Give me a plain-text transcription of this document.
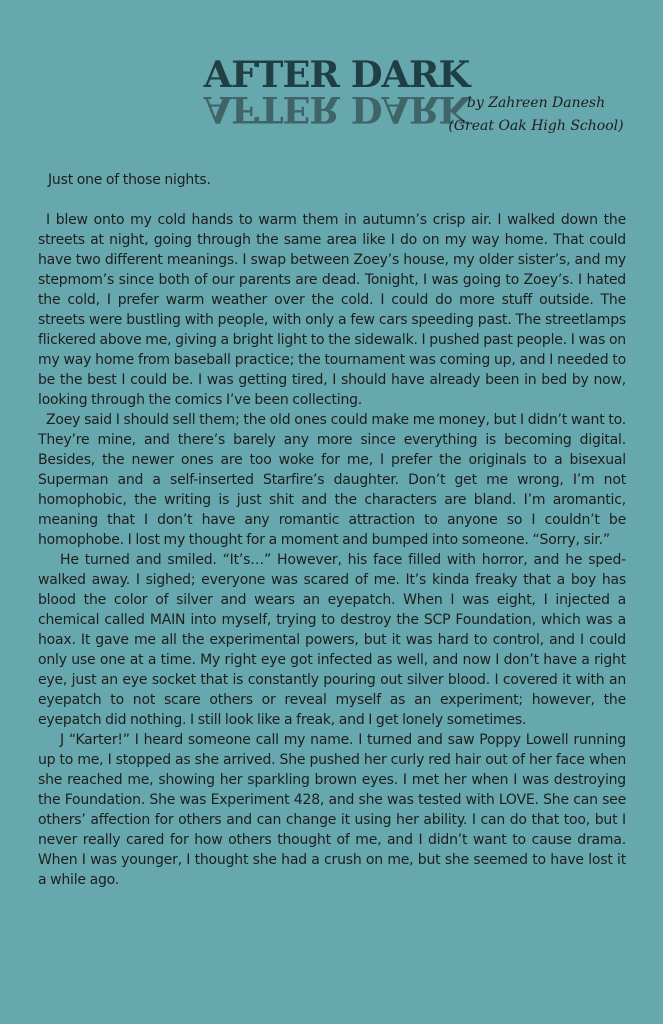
AFTER DARK
AFTER DARK
by Zahreen Danesh
(Great Oak High School)

Just one of those nights.

I blew onto my cold hands to warm them in autumn’s crisp air. I walked down the streets at night, going through the same area like I do on my way home. That could have two different meanings. I swap between Zoey’s house, my older sister’s, and my stepmom’s since both of our parents are dead. Tonight, I was going to Zoey’s. I hated the cold, I prefer warm weather over the cold. I could do more stuff outside. The streets were bustling with people, with only a few cars speeding past. The streetlamps flickered above me, giving a bright light to the sidewalk. I pushed past people. I was on my way home from baseball practice; the tournament was coming up, and I needed to be the best I could be. I was getting tired, I should have already been in bed by now, looking through the comics I’ve been collecting.

Zoey said I should sell them; the old ones could make me money, but I didn’t want to. They’re mine, and there’s barely any more since everything is becoming digital. Besides, the newer ones are too woke for me, I prefer the originals to a bisexual Superman and a self-inserted Starfire’s daughter. Don’t get me wrong, I’m not homophobic, the writing is just shit and the characters are bland. I’m aromantic, meaning that I don’t have any romantic attraction to anyone so I couldn’t be homophobe. I lost my thought for a moment and bumped into someone. “Sorry, sir.”

He turned and smiled. “It’s…” However, his face filled with horror, and he sped-walked away. I sighed; everyone was scared of me. It’s kinda freaky that a boy has blood the color of silver and wears an eyepatch. When I was eight, I injected a chemical called MAIN into myself, trying to destroy the SCP Foundation, which was a hoax. It gave me all the experimental powers, but it was hard to control, and I could only use one at a time. My right eye got infected as well, and now I don’t have a right eye, just an eye socket that is constantly pouring out silver blood. I covered it with an eyepatch to not scare others or reveal myself as an experiment; however, the eyepatch did nothing. I still look like a freak, and I get lonely sometimes.

J “Karter!” I heard someone call my name. I turned and saw Poppy Lowell running up to me, I stopped as she arrived. She pushed her curly red hair out of her face when she reached me, showing her sparkling brown eyes. I met her when I was destroying the Foundation. She was Experiment 428, and she was tested with LOVE. She can see others’ affection for others and can change it using her ability. I can do that too, but I never really cared for how others thought of me, and I didn’t want to cause drama. When I was younger, I thought she had a crush on me, but she seemed to have lost it a while ago.
